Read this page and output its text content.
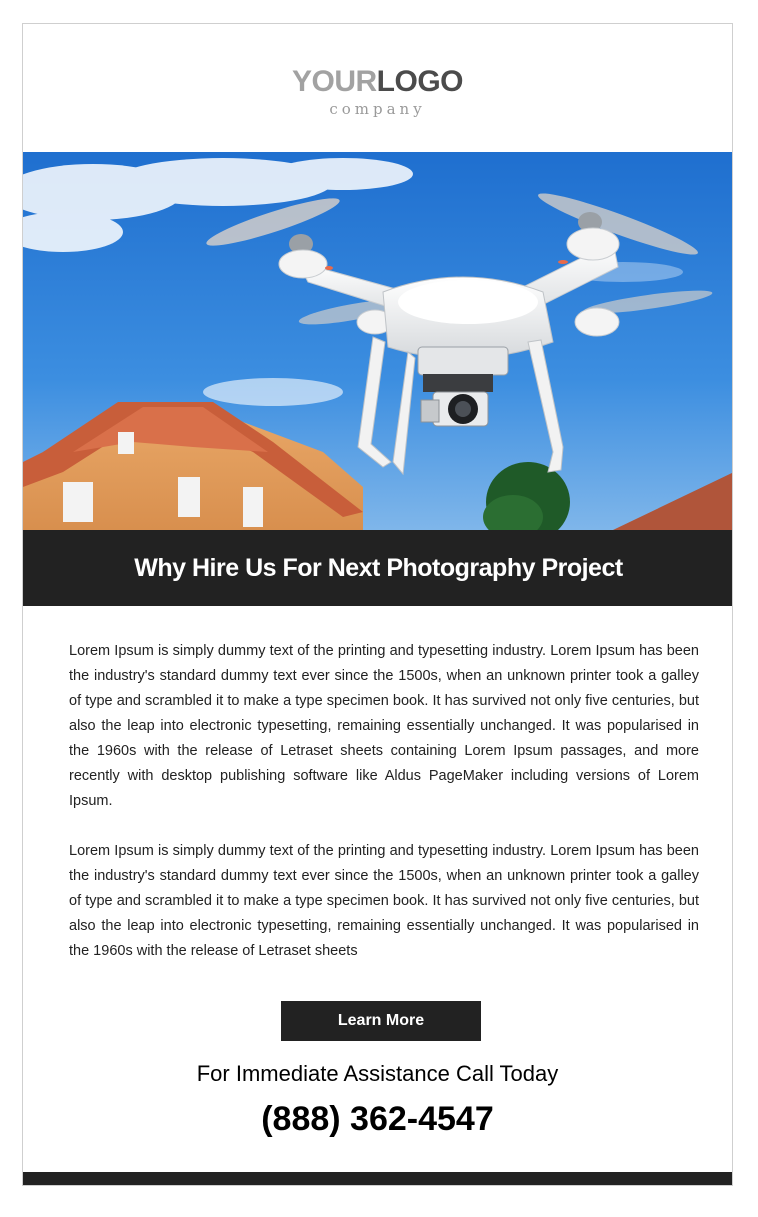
YOURLOGO
company
Why Hire Us For Next Photography Project

Lorem Ipsum is simply dummy text of the printing and typesetting industry. Lorem Ipsum has been the industry's standard dummy text ever since the 1500s, when an unknown printer took a galley of type and scrambled it to make a type specimen book. It has survived not only five centuries, but also the leap into electronic typesetting, remaining essentially unchanged. It was popularised in the 1960s with the release of Letraset sheets containing Lorem Ipsum passages, and more recently with desktop publishing software like Aldus PageMaker including versions of Lorem Ipsum.

Lorem Ipsum is simply dummy text of the printing and typesetting industry. Lorem Ipsum has been the industry's standard dummy text ever since the 1500s, when an unknown printer took a galley of type and scrambled it to make a type specimen book. It has survived not only five centuries, but also the leap into electronic typesetting, remaining essentially unchanged. It was popularised in the 1960s with the release of Letraset sheets

Learn More
For Immediate Assistance Call Today
(888) 362-4547
